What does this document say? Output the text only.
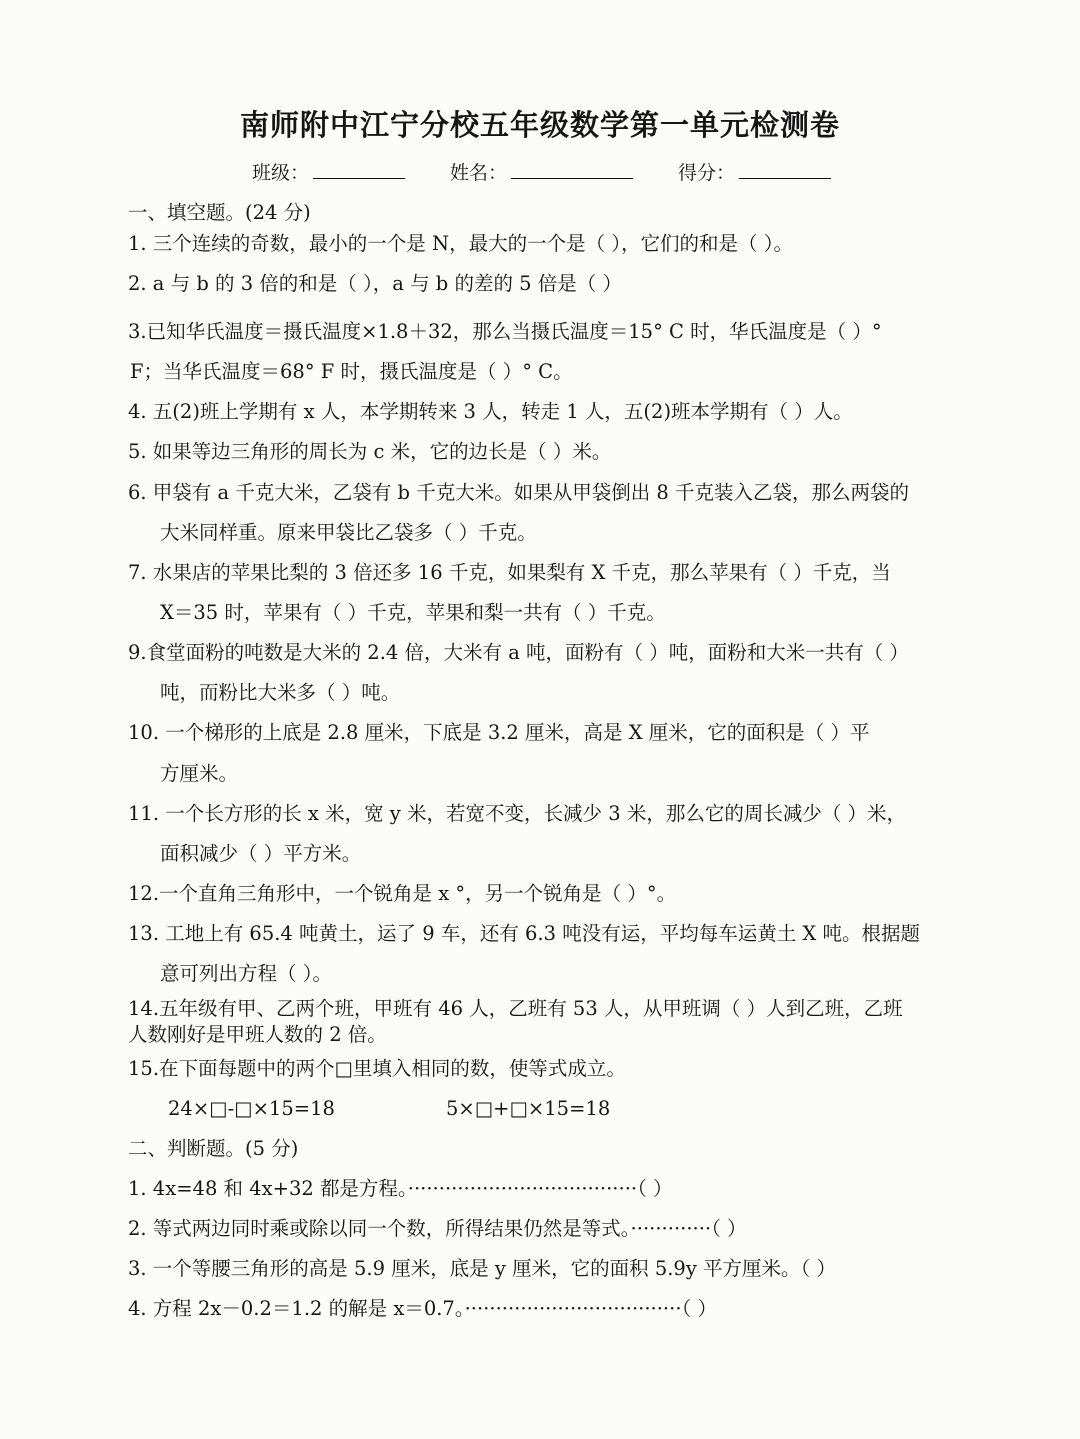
南师附中江宁分校五年级数学第一单元检测卷
班级：	姓名：	得分：
一、填空题。(24 分)
1. 三个连续的奇数，最小的一个是 N，最大的一个是（ ），它们的和是（ ）。
2. a 与 b 的 3 倍的和是（ ），a 与 b 的差的 5 倍是（ ）
3.已知华氏温度＝摄氏温度×1.8＋32，那么当摄氏温度＝15° C 时，华氏温度是（ ）°
F；当华氏温度＝68° F 时，摄氏温度是（ ）° C。
4. 五(2)班上学期有 x 人，本学期转来 3 人，转走 1 人，五(2)班本学期有（ ）人。
5. 如果等边三角形的周长为 c 米，它的边长是（ ）米。
6. 甲袋有 a 千克大米，乙袋有 b 千克大米。如果从甲袋倒出 8 千克装入乙袋，那么两袋的
大米同样重。原来甲袋比乙袋多（ ）千克。
7. 水果店的苹果比梨的 3 倍还多 16 千克，如果梨有 X 千克，那么苹果有（ ）千克，当
X＝35 时，苹果有（ ）千克，苹果和梨一共有（ ）千克。
9.食堂面粉的吨数是大米的 2.4 倍，大米有 a 吨，面粉有（ ）吨，面粉和大米一共有（ ）
吨，而粉比大米多（ ）吨。
10. 一个梯形的上底是 2.8 厘米，下底是 3.2 厘米，高是 X 厘米，它的面积是（ ）平
方厘米。
11. 一个长方形的长 x 米，宽 y 米，若宽不变，长减少 3 米，那么它的周长减少（ ）米，
面积减少（ ）平方米。
12.一个直角三角形中，一个锐角是 x °，另一个锐角是（ ）°。
13. 工地上有 65.4 吨黄土，运了 9 车，还有 6.3 吨没有运，平均每车运黄土 X 吨。根据题
意可列出方程（ ）。
14.五年级有甲、乙两个班，甲班有 46 人，乙班有 53 人，从甲班调（ ）人到乙班，乙班
人数刚好是甲班人数的 2 倍。
15.在下面每题中的两个□里填入相同的数，使等式成立。
24×□-□×15=18	5×□+□×15=18
二、判断题。(5 分)
1. 4x=48 和 4x+32 都是方程。·····································（ ）
2. 等式两边同时乘或除以同一个数，所得结果仍然是等式。·············（ ）
3. 一个等腰三角形的高是 5.9 厘米，底是 y 厘米，它的面积 5.9y 平方厘米。（ ）
4. 方程 2x－0.2＝1.2 的解是 x＝0.7。···································（ ）
